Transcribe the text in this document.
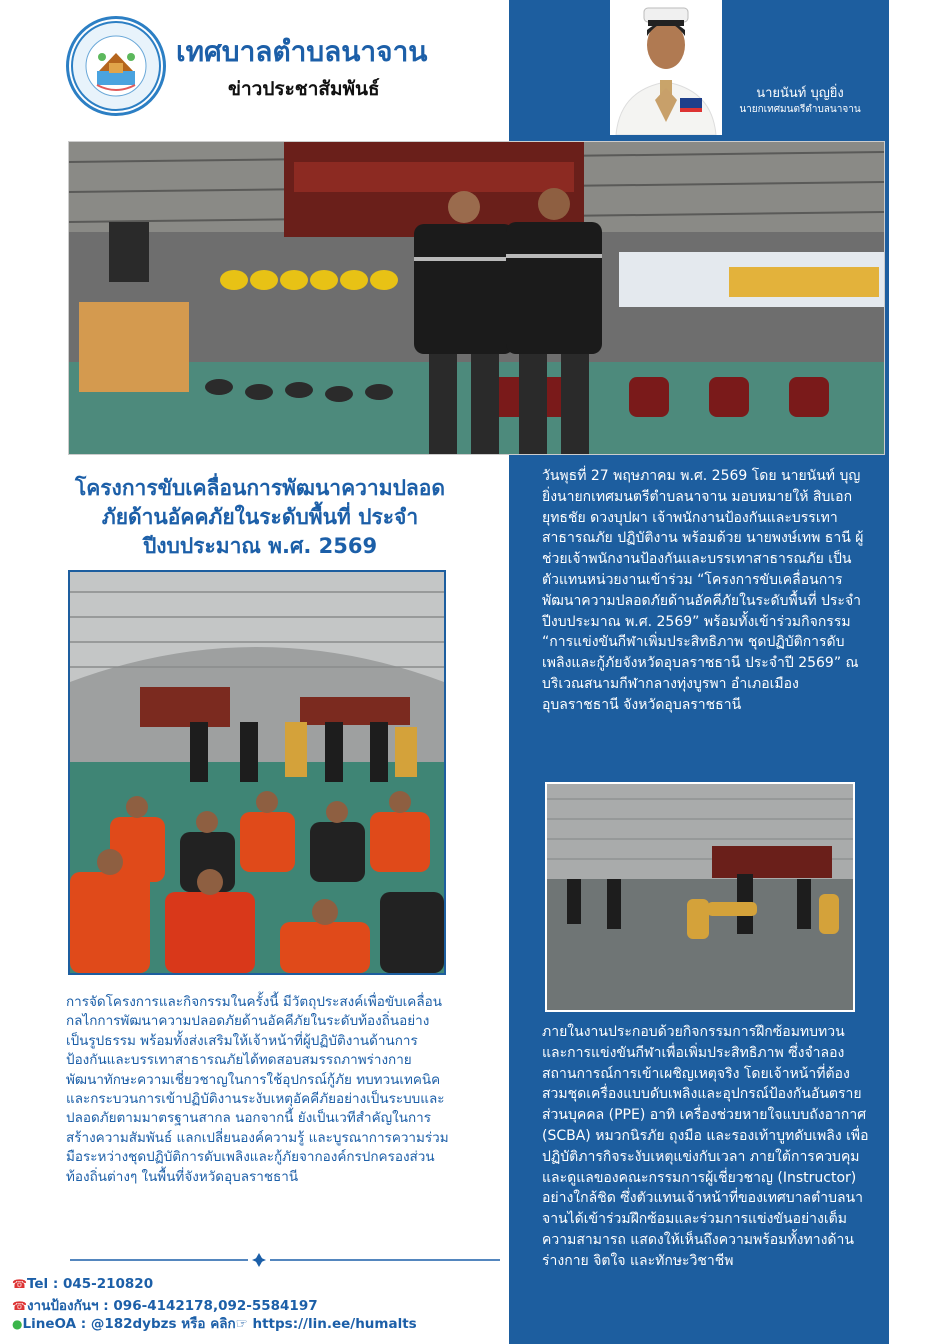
เทศบาลตำบลนาจาน
ข่าวประชาสัมพันธ์	นายนันท์ บุญยิ่ง
นายกเทศมนตรีตำบลนาจาน
โครงการขับเคลื่อนการพัฒนาความปลอดภัยด้านอัคคภัยในระดับพื้นที่ ประจำปีงบประมาณ พ.ศ. 2569
วันพุธที่ 27 พฤษภาคม พ.ศ. 2569 โดย นายนันท์ บุญยิ่งนายกเทศมนตรีตำบลนาจาน มอบหมายให้ สิบเอกยุทธชัย ดวงบุปผา เจ้าพนักงานป้องกันและบรรเทาสาธารณภัย ปฏิบัติงาน พร้อมด้วย นายพงษ์เทพ ธานี ผู้ช่วยเจ้าพนักงานป้องกันและบรรเทาสาธารณภัย เป็นตัวแทนหน่วยงานเข้าร่วม “โครงการขับเคลื่อนการพัฒนาความปลอดภัยด้านอัคคีภัยในระดับพื้นที่ ประจำปีงบประมาณ พ.ศ. 2569” พร้อมทั้งเข้าร่วมกิจกรรม “การแข่งขันกีฬาเพิ่มประสิทธิภาพ ชุดปฏิบัติการดับเพลิงและกู้ภัยจังหวัดอุบลราชธานี ประจำปี 2569” ณ บริเวณสนามกีฬากลางทุ่งบูรพา อำเภอเมืองอุบลราชธานี จังหวัดอุบลราชธานี
การจัดโครงการและกิจกรรมในครั้งนี้ มีวัตถุประสงค์เพื่อขับเคลื่อนกลไกการพัฒนาความปลอดภัยด้านอัคคีภัยในระดับท้องถิ่นอย่างเป็นรูปธรรม พร้อมทั้งส่งเสริมให้เจ้าหน้าที่ผู้ปฏิบัติงานด้านการป้องกันและบรรเทาสาธารณภัยได้ทดสอบสมรรถภาพร่างกาย พัฒนาทักษะความเชี่ยวชาญในการใช้อุปกรณ์กู้ภัย ทบทวนเทคนิคและกระบวนการเข้าปฏิบัติงานระงับเหตุอัคคีภัยอย่างเป็นระบบและปลอดภัยตามมาตรฐานสากล นอกจากนี้ ยังเป็นเวทีสำคัญในการสร้างความสัมพันธ์ แลกเปลี่ยนองค์ความรู้ และบูรณาการความร่วมมือระหว่างชุดปฏิบัติการดับเพลิงและกู้ภัยจากองค์กรปกครองส่วนท้องถิ่นต่างๆ ในพื้นที่จังหวัดอุบลราชธานี
ภายในงานประกอบด้วยกิจกรรมการฝึกซ้อมทบทวน และการแข่งขันกีฬาเพื่อเพิ่มประสิทธิภาพ ซึ่งจำลองสถานการณ์การเข้าเผชิญเหตุจริง โดยเจ้าหน้าที่ต้องสวมชุดเครื่องแบบดับเพลิงและอุปกรณ์ป้องกันอันตรายส่วนบุคคล (PPE) อาทิ เครื่องช่วยหายใจแบบถังอากาศ (SCBA) หมวกนิรภัย ถุงมือ และรองเท้าบูทดับเพลิง เพื่อปฏิบัติภารกิจระงับเหตุแข่งกับเวลา ภายใต้การควบคุมและดูแลของคณะกรรมการผู้เชี่ยวชาญ (Instructor) อย่างใกล้ชิด ซึ่งตัวแทนเจ้าหน้าที่ของเทศบาลตำบลนาจานได้เข้าร่วมฝึกซ้อมและร่วมการแข่งขันอย่างเต็มความสามารถ แสดงให้เห็นถึงความพร้อมทั้งทางด้านร่างกาย จิตใจ และทักษะวิชาชีพ
☎Tel : 045-210820
☎งานป้องกันฯ : 096-4142178,092-5584197
●LineOA : @182dybzs หรือ คลิก☞ https://lin.ee/humalts
